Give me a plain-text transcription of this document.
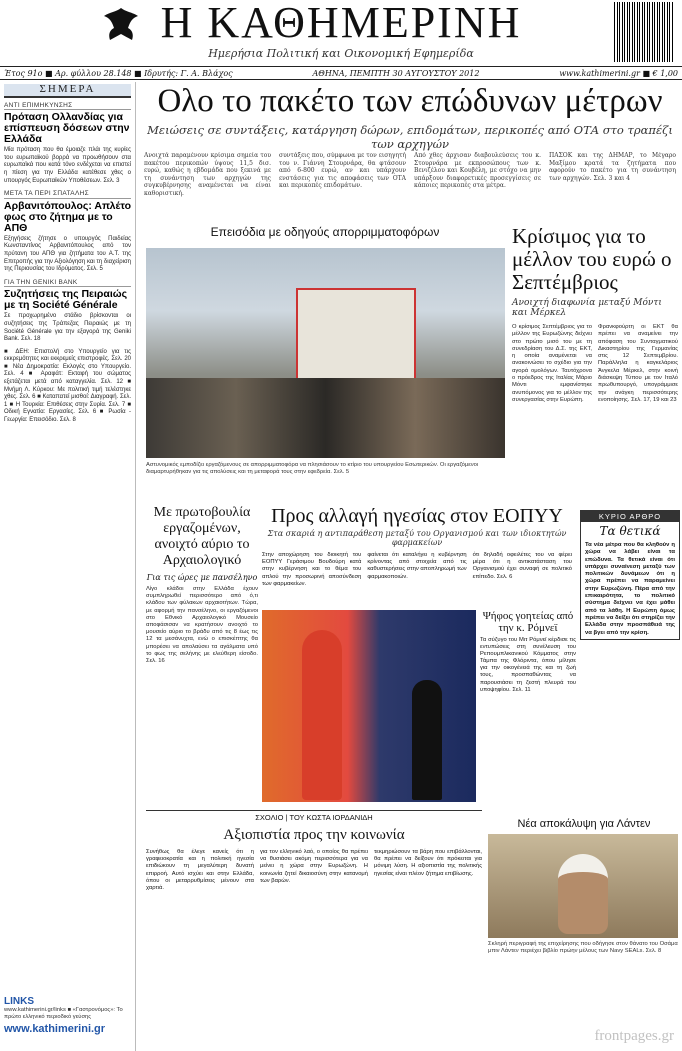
Η ΚΑΘΗΜΕΡΙΝΗ
Ημερήσια Πολιτική και Οικονομική Εφημερίδα
Έτος 91ο ■ Αρ. φύλλου 28.148 ■ Ιδρυτής: Γ. Α. Βλάχος	ΑΘΗΝΑ, ΠΕΜΠΤΗ 30 ΑΥΓΟΥΣΤΟΥ 2012	www.kathimerini.gr ■ € 1,00
ΣΗΜΕΡΑ
ΑΝΤΙ ΕΠΙΜΗΚΥΝΣΗΣ
Πρόταση Ολλανδίας για επίσπευση δόσεων στην Ελλάδα

Μία πρόταση που θα έμοιαζε πλάι της κυρίες του ευρωπαϊκού βορρά να προωθήσουν στα ευρωπαϊκά που κατά τόνο ενδέχεται να επιστεί η πίεση για την Ελλάδα κατέθεσε χθες ο υπουργός Ευρωπαϊκών Υποθέσεων. Σελ. 3

ΜΕΤΑ ΤΑ ΠΕΡΙ ΣΠΑΤΑΛΗΣ
Αρβανιτόπουλος: Απλέτο φως στο ζήτημα με το ΑΠΘ

Εξηγήσεις ζήτησε ο υπουργός Παιδείας Κωνσταντίνος Αρβανιτόπουλος από τον πρύτανη του ΑΠΘ για ζητήματα του Α.Τ. της Επιτροπής για την Αξιολόγηση και τη διαχείριση της Περιουσίας του Ιδρύματος. Σελ. 5

ΓΙΑ ΤΗΝ GENIKI BANK
Συζητήσεις της Πειραιώς με τη Société Générale

Σε προχωρημένο στάδιο βρίσκονται οι συζητήσεις της Τράπεζας Πειραιώς με τη Société Générale για την εξαγορά της Geniki Bank. Σελ. 18

■ ΔΕΗ: Επιστολή στο Υπουργείο για τις εκκρεμότητες και εκκρεμείς επιστροφές. Σελ. 20 ■ Νέα Δημοκρατία: Εκλογές στο Υπουργείο. Σελ. 4 ■ Αραφάτ: Εκταφή του σώματος εξετάζεται μετά από καταγγελία. Σελ. 12 ■ Μνήμη Λ. Κύρκου: Με πολιτική τιμή τελέστηκε χθες. Σελ. 6 ■ Καταπατεί μισθοί: Διαγραφή. Σελ. 1 ■ Η Τουρκία: Επιθέσεις στην Συρία. Σελ. 7 ■ Οδική Εγνατία: Εργασίες. Σελ. 6 ■ Ρωσία - Γεωργία: Επεισόδιο. Σελ. 8

LINKS
www.kathimerini.gr/links ■ «Γαστρονόμος»: Το πρώτο ελληνικό περιοδικό γεύσης
www.kathimerini.gr
Ολο το πακέτο των επώδυνων μέτρων
Μειώσεις σε συντάξεις, κατάργηση δώρων, επιδομάτων, περικοπές από ΟΤΑ στο τραπέζι των αρχηγών
Ανοιχτά παραμένουν κρίσιμα σημεία του πακέτου περικοπών ύψους 11,5 δισ. ευρώ, καθώς η εβδομάδα που ξεκινά με τη συνάντηση των αρχηγών της συγκυβέρνησης αναμένεται να είναι καθοριστική.
συντάξεις που, σύμφωνα με τον εισηγητή του ν. Γιάννη Στουρνάρα, θα φτάσουν από 6-800 ευρώ, αν και υπάρχουν ενστάσεις για τις αποφάσεις των ΟΤΑ και περικοπές επιδομάτων.
Από χθες άρχισαν διαβουλεύσεις του κ. Στουρνάρα με εκπροσώπους των κ. Βενιζέλου και Κουβέλη, με στόχο να μην υπάρξουν διαφορετικές προσεγγίσεις σε κάποιες περικοπές στα μέτρα.
ΠΑΣΟΚ και της ΔΗΜΑΡ, το Μέγαρο Μαξίμου κρατά τα ζητήματα που αφορούν το πακέτο για τη συνάντηση των αρχηγών. Σελ. 3 και 4
Επεισόδια με οδηγούς απορριμματοφόρων
Αστυνομικός εμποδίζει εργαζόμενους σε απορριμματοφόρα να πλησιάσουν το κτίριο του υπουργείου Εσωτερικών. Οι εργαζόμενοι διαμαρτυρήθηκαν για τις απολύσεις και τη μεταφορά τους στην εφεδρεία. Σελ. 5
Κρίσιμος για το μέλλον του ευρώ ο Σεπτέμβριος
Ανοιχτή διαφωνία μεταξύ Μόντι και Μέρκελ
Ο κρίσιμος Σεπτέμβριος για το μέλλον της Ευρωζώνης δείχνει στο πρώτο μισό του με τη συνεδρίαση του Δ.Σ. της ΕΚΤ, η οποία αναμένεται να ανακοινώσει το σχέδιο για την αγορά ομολόγων. Ταυτόχρονα ο πρόεδρος της Ιταλίας Μάριο Μόντι εμφανίστηκε ανυπόμονος για το μέλλον της συνεργασίας στην Ευρώπη.
Φρανκφούρτη οι ΕΚΤ θα πρέπει να αναμείνει την απόφαση του Συνταγματικού Δικαστηρίου της Γερμανίας στις 12 Σεπτεμβρίου. Παράλληλα η καγκελάριος Άνγκελα Μέρκελ, στην κοινή διάσκεψη Τύπου με τον Ιταλό πρωθυπουργό, υπογράμμισε την ανάγκη περισσότερης ενοποίησης. Σελ. 17, 19 και 23
Με πρωτοβουλία εργαζομένων, ανοιχτό αύριο το Αρχαιολογικό
Για τις ώρες με πανσέληνο
Λίγο κλάδοι στην Ελλάδα έχουν συμπληρωθεί περισσότερο από ό,τι κλάδου των φύλακων αρχαιοτήτων. Τώρα, με αφορμή την πανσέληνο, οι εργαζόμενοι στο Εθνικό Αρχαιολογικό Μουσείο αποφάσισαν να κρατήσουν ανοιχτό το μουσείο αύριο το βράδυ από τις 8 έως τις 12 τα μεσάνυχτα, ενώ ο επισκέπτης θα μπορέσει να απολαύσει τα αγάλματα υπό το φως της σελήνης με ελεύθερη είσοδο. Σελ. 16
Προς αλλαγή ηγεσίας στον ΕΟΠΥΥ
Στα σκαριά η αντιπαράθεση μεταξύ του Οργανισμού και των ιδιοκτητών φαρμακείων
Στην αποχώρηση του διοικητή του ΕΟΠΥΥ Γεράσιμου Βουδούρη κατά στην κυβέρνηση και το θέμα του απλού την προσωρινή αποσύνδεση των φαρμακείων.
φαίνεται ότι καταλήγει η κυβέρνηση κρίνοντας από στοιχεία από τις καθυστερήσεις στην αποπληρωμή των φαρμακοποιών.
ότι δηλαδή οφειλέτες του να φέρει μέρα ότι η αντικατάσταση του Οργανισμού έχει συναφή σε πολιτικό επίπεδο. Σελ. 6
ΚΥΡΙΟ ΑΡΘΡΟ
Τα θετικά
Τα νέα μέτρα που θα κληθούν η χώρα να λάβει είναι τα επώδυνα. Τα θετικά είναι ότι υπάρχει συναίνεση μεταξύ των πολιτικών δυνάμεων ότι η χώρα πρέπει να παραμείνει στην Ευρωζώνη. Πέρα από την επικαιρότητα, το πολιτικό σύστημα δείχνει να έχει μάθει από τα λάθη. Η Ευρώπη όμως πρέπει να δείξει ότι στηρίζει την Ελλάδα στην προσπάθειά της να βγει από την κρίση.
Ψήφος γοητείας από την κ. Ρόμνεϊ
Τα σύζυγο του Μιτ Ρόμνεϊ κέρδισε τις εντυπώσεις στη συνέλευση του Ρεπουμπλικανικού Κόμματος στην Τάμπα της Φλόριντα, όπου μίλησε για την οικογένειά της και τη ζωή τους, προσπαθώντας να παρουσιάσει τη ζεστή πλευρά του υποψηφίου. Σελ. 11
ΣΧΟΛΙΟ | ΤΟΥ ΚΩΣΤΑ ΙΟΡΔΑΝΙΔΗ
Αξιοπιστία προς την κοινωνία
Συνήθως θα έλεγε κανείς ότι η γραφειοκρατία και η πολιτική ηγεσία επιδιώκουν τη μεγαλύτερη δυνατή επιρροή. Αυτό ισχύει και στην Ελλάδα, όπου οι μεταρρυθμίσεις μένουν στα χαρτιά.
για τον ελληνικό λαό, ο οποίος θα πρέπει να θυσιάσει ακόμη περισσότερα για να μείνει η χώρα στην Ευρωζώνη. Η κοινωνία ζητεί δικαιοσύνη στην κατανομή των βαρών.
τεκμηριώσουν τα βάρη που επιβάλλονται, θα πρέπει να δείξουν ότι πρόκειται για μόνιμη λύση. Η αξιοπιστία της πολιτικής ηγεσίας είναι πλέον ζήτημα επιβίωσης.
Νέα αποκάλυψη για Λάντεν
Σκληρή περιγραφή της επιχείρησης που οδήγησε στον θάνατο του Οσάμα μπιν Λάντεν περιέχει βιβλίο πρώην μέλους των Navy SEALs. Σελ. 8
frontpages.gr
